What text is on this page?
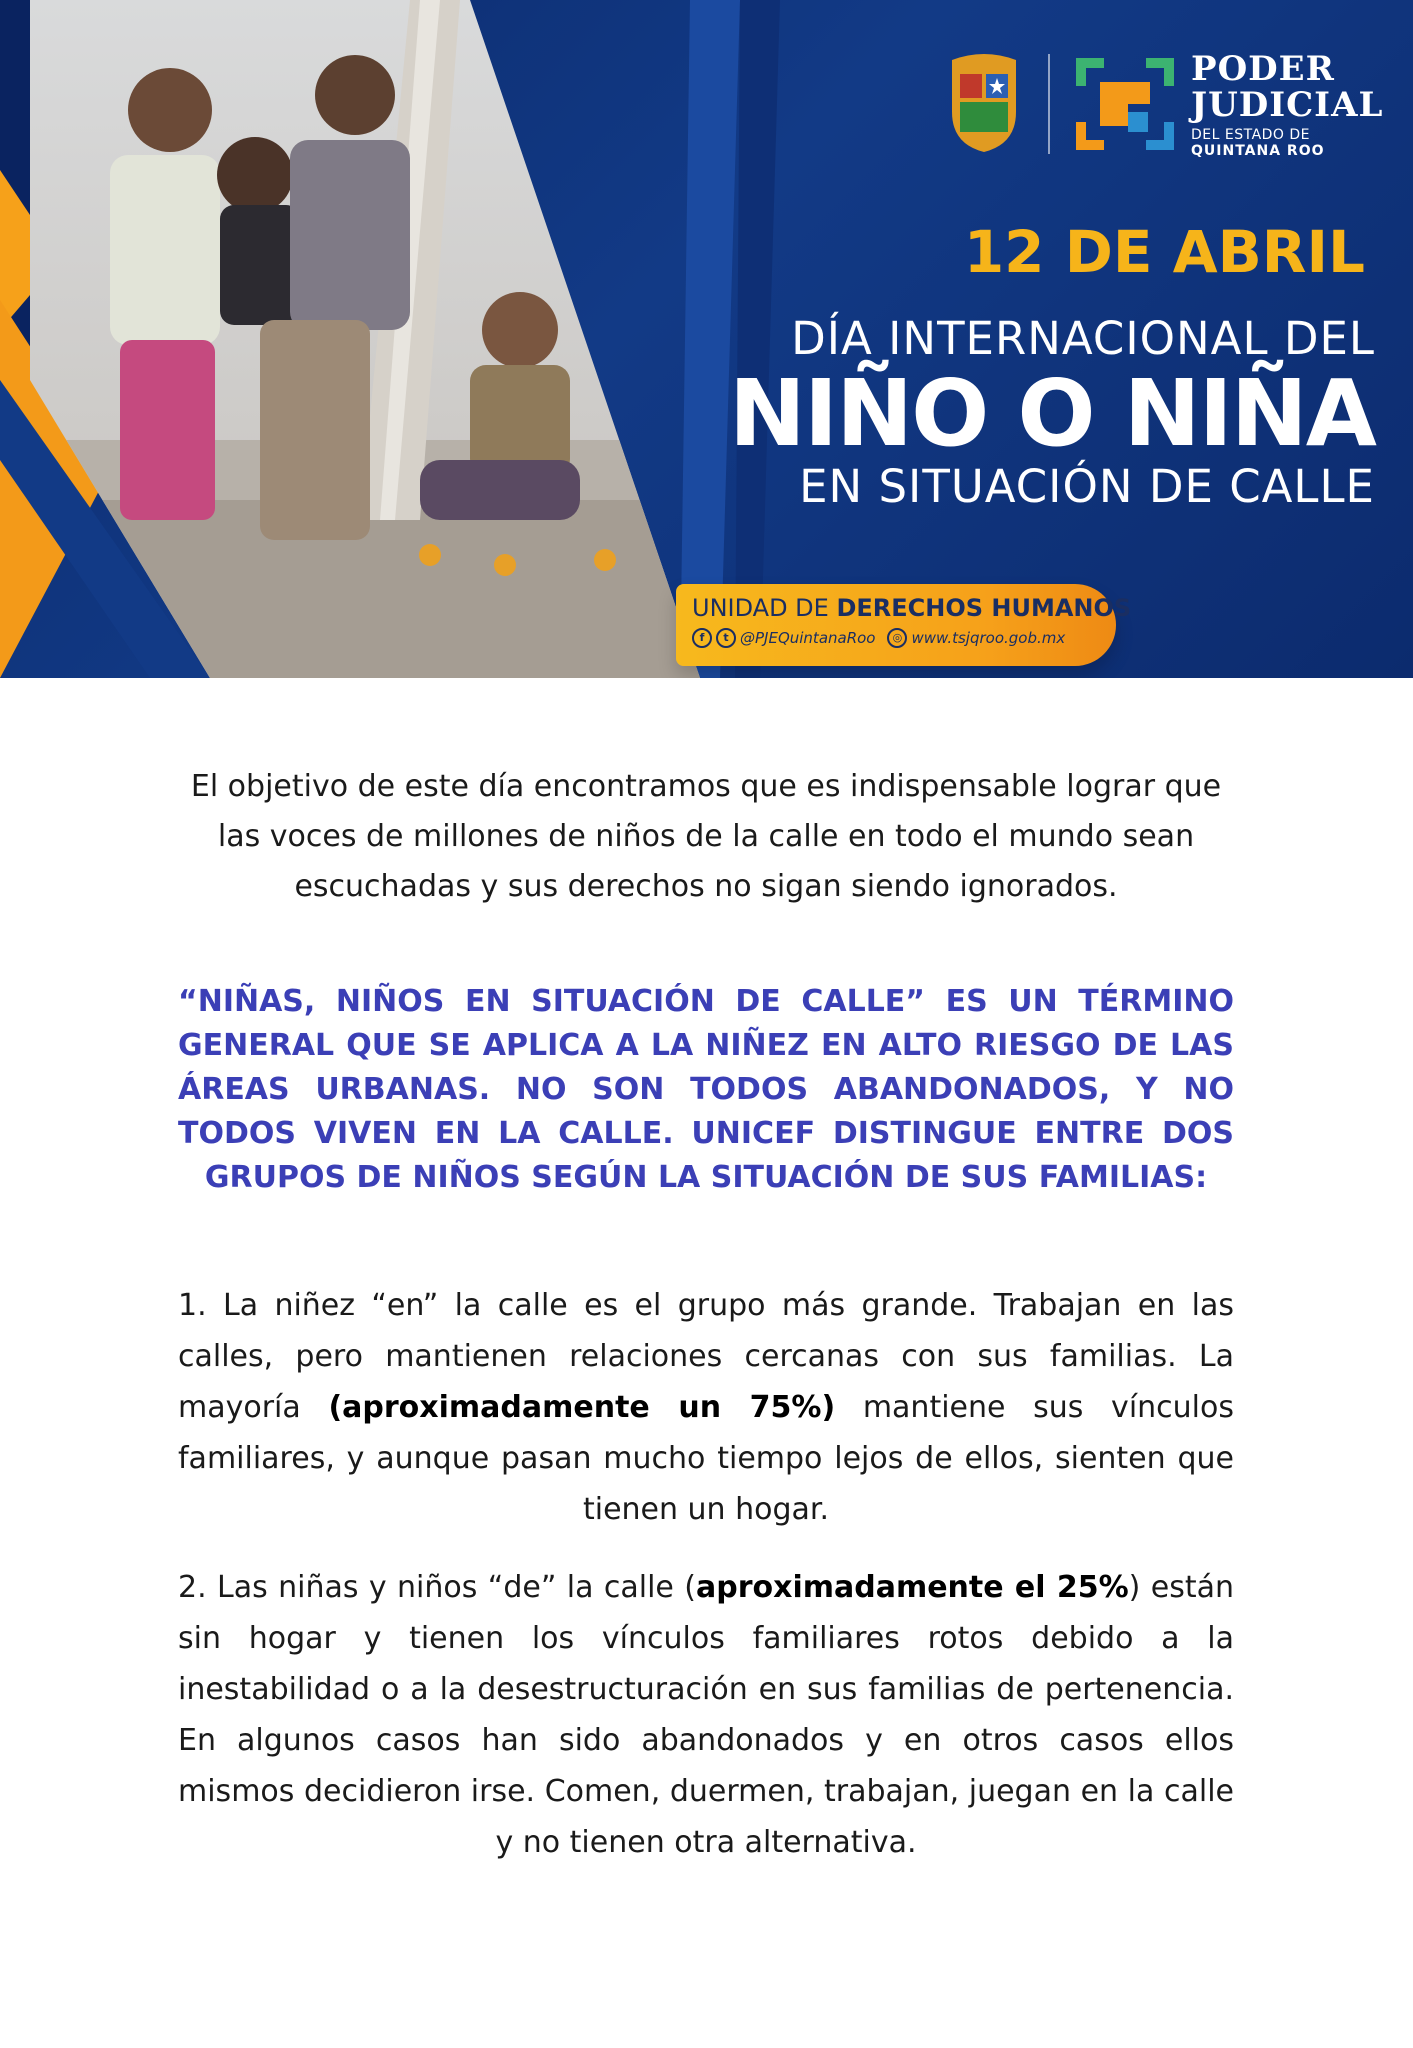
PODER
JUDICIAL
DEL ESTADO DE
QUINTANA ROO
12 DE ABRIL
DÍA INTERNACIONAL DEL
NIÑO O NIÑA
EN SITUACIÓN DE CALLE
UNIDAD DE DERECHOS HUMANOS
f	t @PJEQuintanaRoo	◎ www.tsjqroo.gob.mx

El objetivo de este día encontramos que es indispensable lograr que las voces de millones de niños de la calle en todo el mundo sean escuchadas y sus derechos no sigan siendo ignorados.

“NIÑAS, NIÑOS EN SITUACIÓN DE CALLE” ES UN TÉRMINO GENERAL QUE SE APLICA A LA NIÑEZ EN ALTO RIESGO DE LAS ÁREAS URBANAS. NO SON TODOS ABANDONADOS, Y NO TODOS VIVEN EN LA CALLE. UNICEF DISTINGUE ENTRE DOS GRUPOS DE NIÑOS SEGÚN LA SITUACIÓN DE SUS FAMILIAS:

1. La niñez “en” la calle es el grupo más grande. Trabajan en las calles, pero mantienen relaciones cercanas con sus familias. La mayoría (aproximadamente un 75%) mantiene sus vínculos familiares, y aunque pasan mucho tiempo lejos de ellos, sienten que tienen un hogar.

2. Las niñas y niños “de” la calle (aproximadamente el 25%) están sin hogar y tienen los vínculos familiares rotos debido a la inestabilidad o a la desestructuración en sus familias de pertenencia. En algunos casos han sido abandonados y en otros casos ellos mismos decidieron irse. Comen, duermen, trabajan, juegan en la calle y no tienen otra alternativa.
